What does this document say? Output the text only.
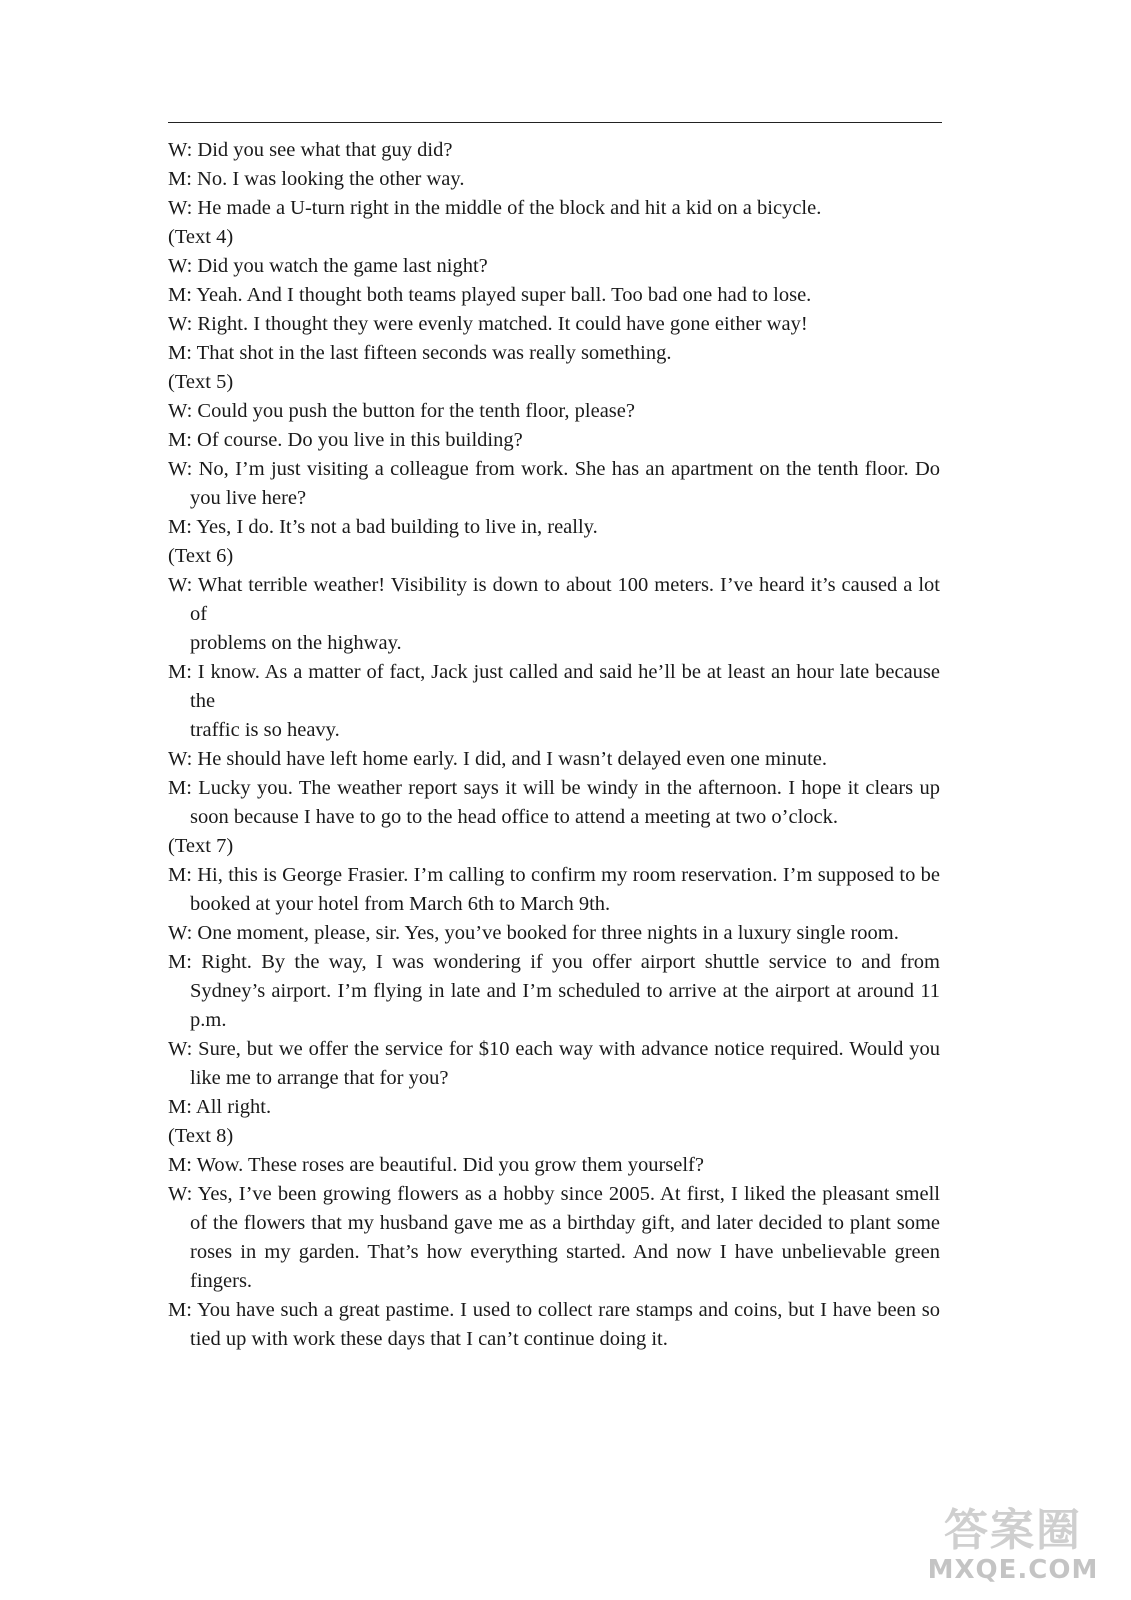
W: Did you see what that guy did?

M: No. I was looking the other way.

W: He made a U-turn right in the middle of the block and hit a kid on a bicycle.

(Text 4)

W: Did you watch the game last night?

M: Yeah. And I thought both teams played super ball. Too bad one had to lose.

W: Right. I thought they were evenly matched. It could have gone either way!

M: That shot in the last fifteen seconds was really something.

(Text 5)

W: Could you push the button for the tenth floor, please?

M: Of course. Do you live in this building?

W: No, I’m just visiting a colleague from work. She has an apartment on the tenth floor. Do you live here?

M: Yes, I do. It’s not a bad building to live in, really.

(Text 6)

W: What terrible weather! Visibility is down to about 100 meters. I’ve heard it’s caused a lot of

problems on the highway.

M: I know. As a matter of fact, Jack just called and said he’ll be at least an hour late because the

traffic is so heavy.

W: He should have left home early. I did, and I wasn’t delayed even one minute.

M: Lucky you. The weather report says it will be windy in the afternoon. I hope it clears up soon because I have to go to the head office to attend a meeting at two o’clock.

(Text 7)

M: Hi, this is George Frasier. I’m calling to confirm my room reservation. I’m supposed to be booked at your hotel from March 6th to March 9th.

W: One moment, please, sir. Yes, you’ve booked for three nights in a luxury single room.

M: Right. By the way, I was wondering if you offer airport shuttle service to and from Sydney’s airport. I’m flying in late and I’m scheduled to arrive at the airport at around 11 p.m.

W: Sure, but we offer the service for $10 each way with advance notice required. Would you like me to arrange that for you?

M: All right.

(Text 8)

M: Wow. These roses are beautiful. Did you grow them yourself?

W: Yes, I’ve been growing flowers as a hobby since 2005. At first, I liked the pleasant smell of the flowers that my husband gave me as a birthday gift, and later decided to plant some roses in my garden. That’s how everything started. And now I have unbelievable green fingers.

M: You have such a great pastime. I used to collect rare stamps and coins, but I have been so tied up with work these days that I can’t continue doing it.

答案圈
MXQE.COM
